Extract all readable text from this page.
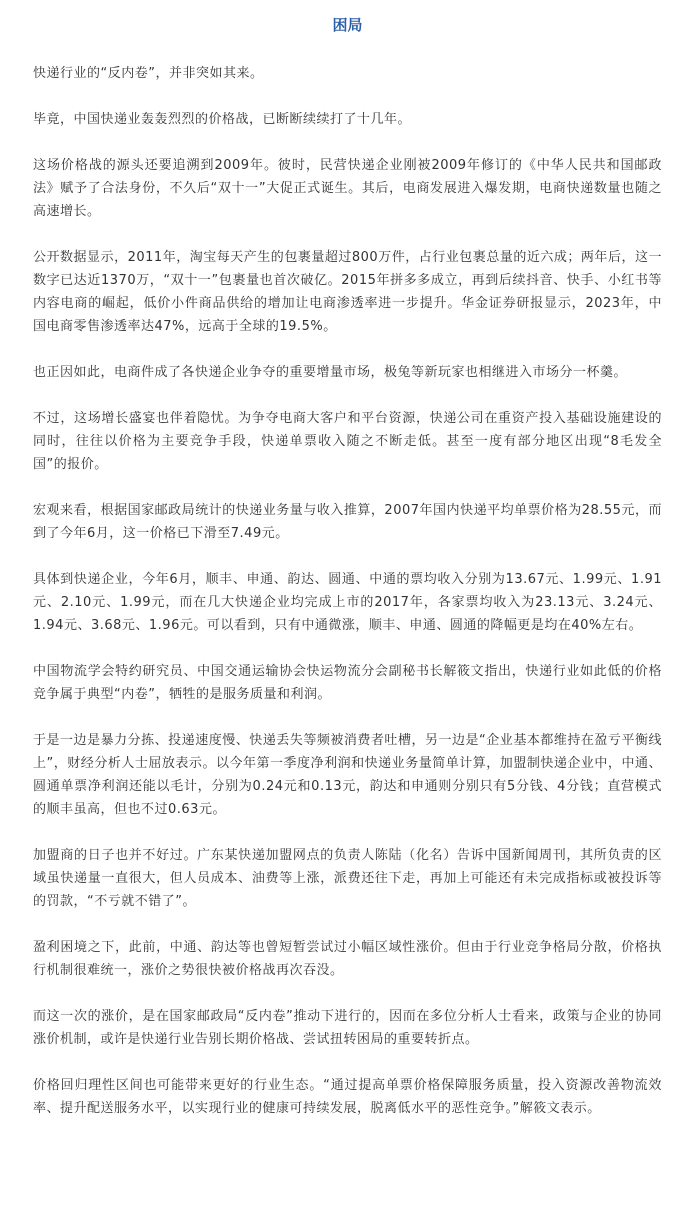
困局

快递行业的“反内卷”，并非突如其来。

毕竟，中国快递业轰轰烈烈的价格战，已断断续续打了十几年。

这场价格战的源头还要追溯到2009年。彼时，民营快递企业刚被2009年修订的《中华人民共和国邮政法》赋予了合法身份，不久后“双十一”大促正式诞生。其后，电商发展进入爆发期，电商快递数量也随之高速增长。

公开数据显示，2011年，淘宝每天产生的包裹量超过800万件，占行业包裹总量的近六成；两年后，这一数字已达近1370万，“双十一”包裹量也首次破亿。2015年拼多多成立，再到后续抖音、快手、小红书等内容电商的崛起，低价小件商品供给的增加让电商渗透率进一步提升。华金证券研报显示，2023年，中国电商零售渗透率达47%，远高于全球的19.5%。

也正因如此，电商件成了各快递企业争夺的重要增量市场，极兔等新玩家也相继进入市场分一杯羹。

不过，这场增长盛宴也伴着隐忧。为争夺电商大客户和平台资源，快递公司在重资产投入基础设施建设的同时，往往以价格为主要竞争手段，快递单票收入随之不断走低。甚至一度有部分地区出现“8毛发全国”的报价。

宏观来看，根据国家邮政局统计的快递业务量与收入推算，2007年国内快递平均单票价格为28.55元，而到了今年6月，这一价格已下滑至7.49元。

具体到快递企业，今年6月，顺丰、申通、韵达、圆通、中通的票均收入分别为13.67元、1.99元、1.91元、2.10元、1.99元，而在几大快递企业均完成上市的2017年，各家票均收入为23.13元、3.24元、1.94元、3.68元、1.96元。可以看到，只有中通微涨，顺丰、申通、圆通的降幅更是均在40%左右。

中国物流学会特约研究员、中国交通运输协会快运物流分会副秘书长解筱文指出，快递行业如此低的价格竞争属于典型“内卷”，牺牲的是服务质量和利润。

于是一边是暴力分拣、投递速度慢、快递丢失等频被消费者吐槽，另一边是“企业基本都维持在盈亏平衡线上”，财经分析人士屈放表示。以今年第一季度净利润和快递业务量简单计算，加盟制快递企业中，中通、圆通单票净利润还能以毛计，分别为0.24元和0.13元，韵达和申通则分别只有5分钱、4分钱；直营模式的顺丰虽高，但也不过0.63元。

加盟商的日子也并不好过。广东某快递加盟网点的负责人陈陆（化名）告诉中国新闻周刊，其所负责的区域虽快递量一直很大，但人员成本、油费等上涨，派费还往下走，再加上可能还有未完成指标或被投诉等的罚款，“不亏就不错了”。

盈利困境之下，此前，中通、韵达等也曾短暂尝试过小幅区域性涨价。但由于行业竞争格局分散，价格执行机制很难统一，涨价之势很快被价格战再次吞没。

而这一次的涨价，是在国家邮政局“反内卷”推动下进行的，因而在多位分析人士看来，政策与企业的协同涨价机制，或许是快递行业告别长期价格战、尝试扭转困局的重要转折点。

价格回归理性区间也可能带来更好的行业生态。“通过提高单票价格保障服务质量，投入资源改善物流效率、提升配送服务水平，以实现行业的健康可持续发展，脱离低水平的恶性竞争。”解筱文表示。
